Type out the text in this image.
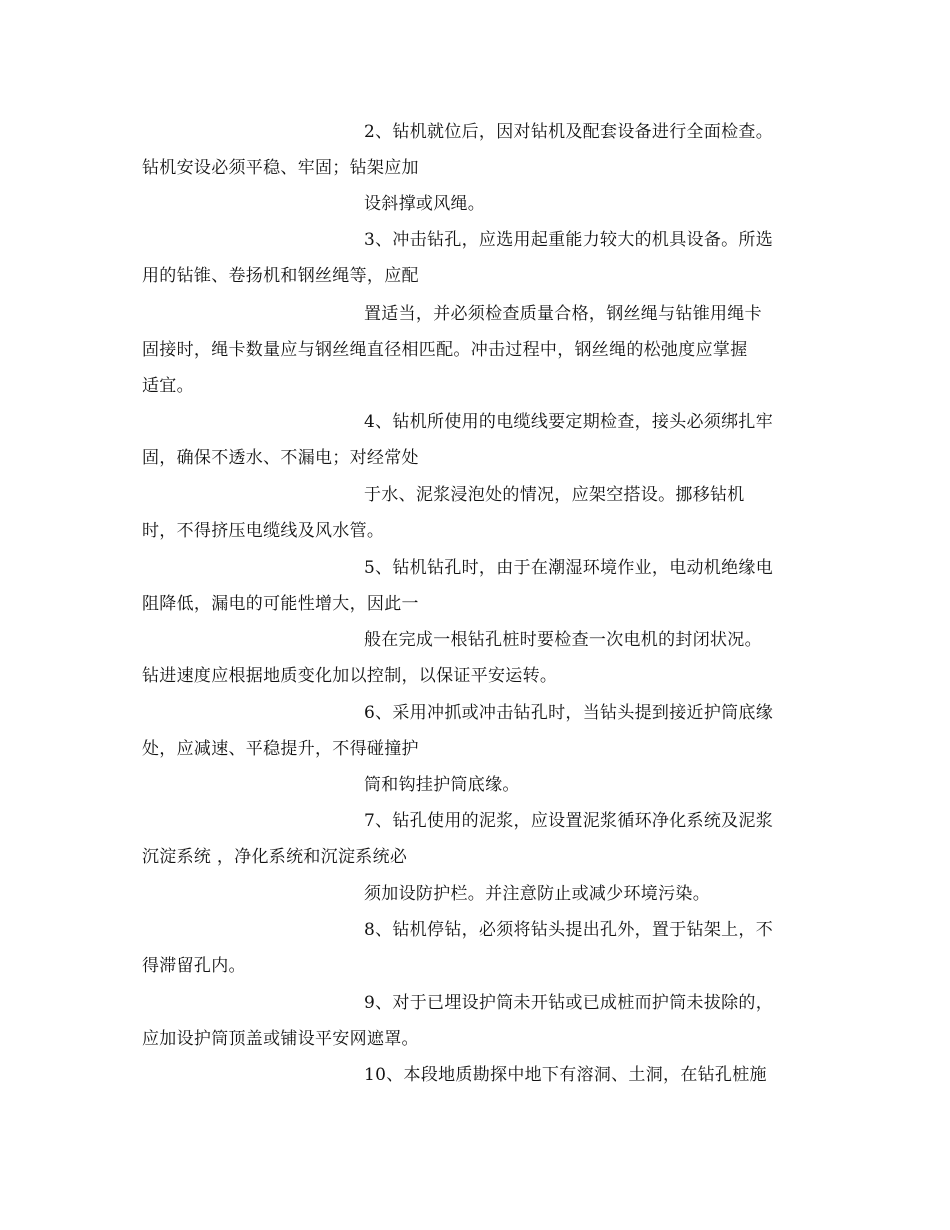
2、钻机就位后，因对钻机及配套设备进行全面检查。
钻机安设必须平稳、牢固；钻架应加
设斜撑或风绳。
3、冲击钻孔，应选用起重能力较大的机具设备。所选
用的钻锥、卷扬机和钢丝绳等，应配
置适当，并必须检查质量合格，钢丝绳与钻锥用绳卡
固接时，绳卡数量应与钢丝绳直径相匹配。冲击过程中，钢丝绳的松弛度应掌握
适宜。
4、钻机所使用的电缆线要定期检查，接头必须绑扎牢
固，确保不透水、不漏电；对经常处
于水、泥浆浸泡处的情况，应架空搭设。挪移钻机
时，不得挤压电缆线及风水管。
5、钻机钻孔时，由于在潮湿环境作业，电动机绝缘电
阻降低，漏电的可能性增大，因此一
般在完成一根钻孔桩时要检查一次电机的封闭状况。
钻进速度应根据地质变化加以控制，以保证平安运转。
6、采用冲抓或冲击钻孔时，当钻头提到接近护筒底缘
处，应减速、平稳提升，不得碰撞护
筒和钩挂护筒底缘。
7、钻孔使用的泥浆，应设置泥浆循环净化系统及泥浆
沉淀系统 ，净化系统和沉淀系统必
须加设防护栏。并注意防止或减少环境污染。
8、钻机停钻，必须将钻头提出孔外，置于钻架上，不
得滞留孔内。
9、对于已埋设护筒未开钻或已成桩而护筒未拔除的，
应加设护筒顶盖或铺设平安网遮罩。
10、本段地质勘探中地下有溶洞、土洞，在钻孔桩施
